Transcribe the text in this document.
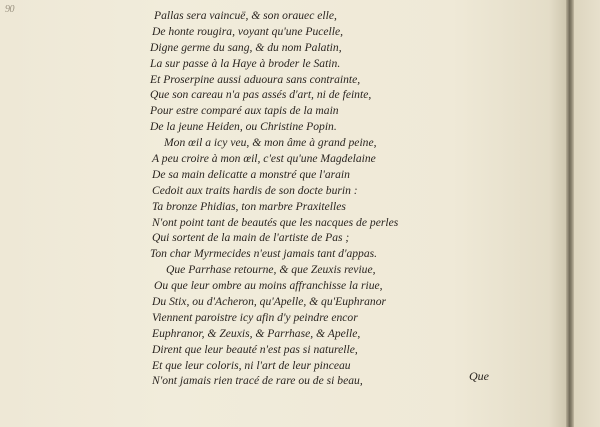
90	Pallas sera vaincuë, & son orauec elle,
De honte rougira, voyant qu'une Pucelle,
Digne germe du sang, & du nom Palatin,
La sur passe à la Haye à broder le Satin.
Et Proserpine aussi aduoura sans contrainte,
Que son careau n'a pas assés d'art, ni de feinte,
Pour estre comparé aux tapis de la main
De la jeune Heiden, ou Christine Popin.
Mon œil a icy veu, & mon âme à grand peine,
A peu croire à mon œil, c'est qu'une Magdelaine
De sa main delicatte a monstré que l'arain
Cedoit aux traits hardis de son docte burin :
Ta bronze Phidias, ton marbre Praxitelles
N'ont point tant de beautés que les nacques de perles
Qui sortent de la main de l'artiste de Pas ;
Ton char Myrmecides n'eust jamais tant d'appas.
Que Parrhase retourne, & que Zeuxis reviue,
Ou que leur ombre au moins affranchisse la riue,
Du Stix, ou d'Acheron, qu'Apelle, & qu'Euphranor
Viennent paroistre icy afin d'y peindre encor
Euphranor, & Zeuxis, & Parrhase, & Apelle,
Dirent que leur beauté n'est pas si naturelle,
Et que leur coloris, ni l'art de leur pinceau
N'ont jamais rien tracé de rare ou de si beau,	Que
